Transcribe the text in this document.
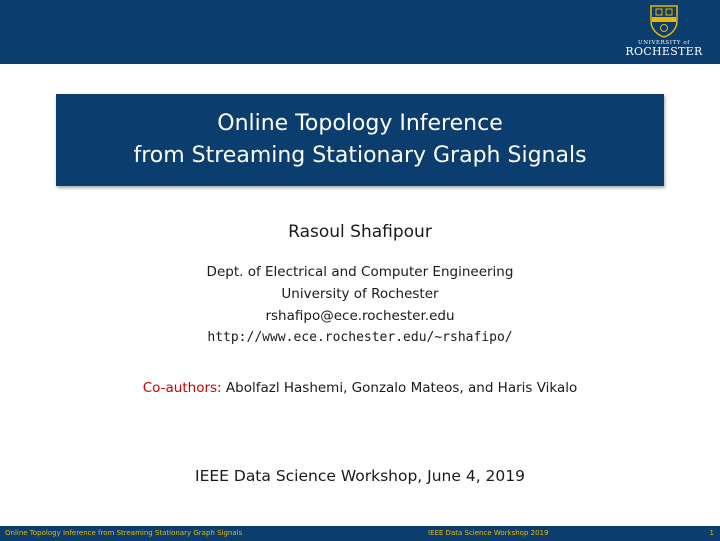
UNIVERSITY of
ROCHESTER
Online Topology Inference
from Streaming Stationary Graph Signals
Rasoul Shafipour
Dept. of Electrical and Computer Engineering
University of Rochester
rshafipo@ece.rochester.edu
http://www.ece.rochester.edu/~rshafipo/
Co-authors: Abolfazl Hashemi, Gonzalo Mateos, and Haris Vikalo
IEEE Data Science Workshop, June 4, 2019
Online Topology Inference from Streaming Stationary Graph Signals	IEEE Data Science Workshop 2019	1
